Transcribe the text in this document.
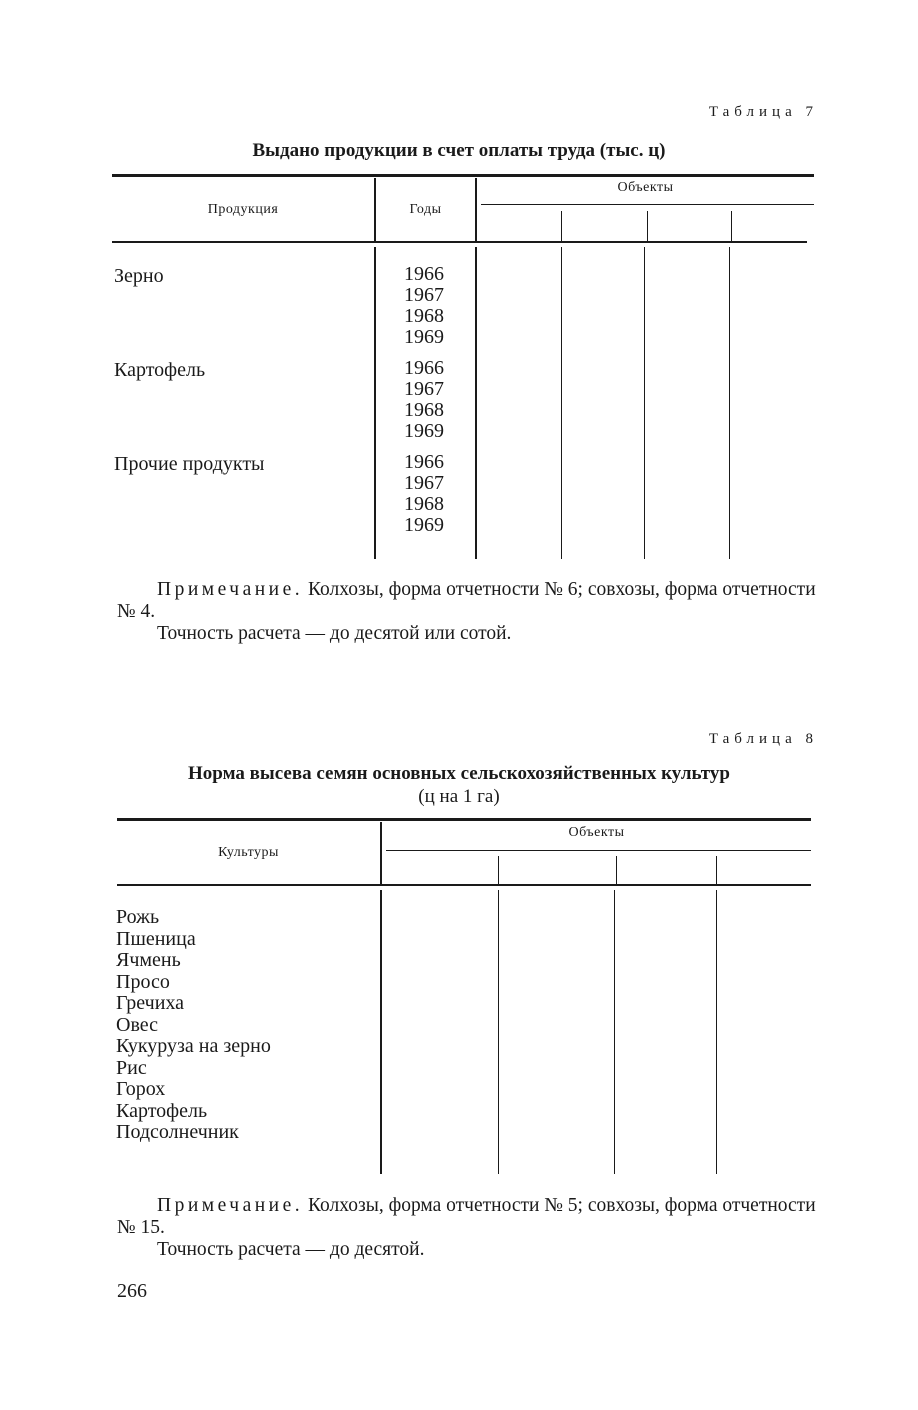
Таблица 7
Выдано продукции в счет оплаты труда (тыс. ц)
Продукция	Годы
Объекты
Зерно	1966
1967
1968
1969
Картофель	1966
1967
1968
1969
Прочие продукты	1966
1967
1968
1969
Примечание. Колхозы, форма отчетности № 6; совхозы, форма отчетности № 4.
Точность расчета — до десятой или сотой.
Таблица 8
Норма высева семян основных сельскохозяйственных культур
(ц на 1 га)
Культуры
Объекты
Рожь
Пшеница
Ячмень
Просо
Гречиха
Овес
Кукуруза на зерно
Рис
Горох
Картофель
Подсолнечник
Примечание. Колхозы, форма отчетности № 5; совхозы, форма отчетности № 15.
Точность расчета — до десятой.
266
